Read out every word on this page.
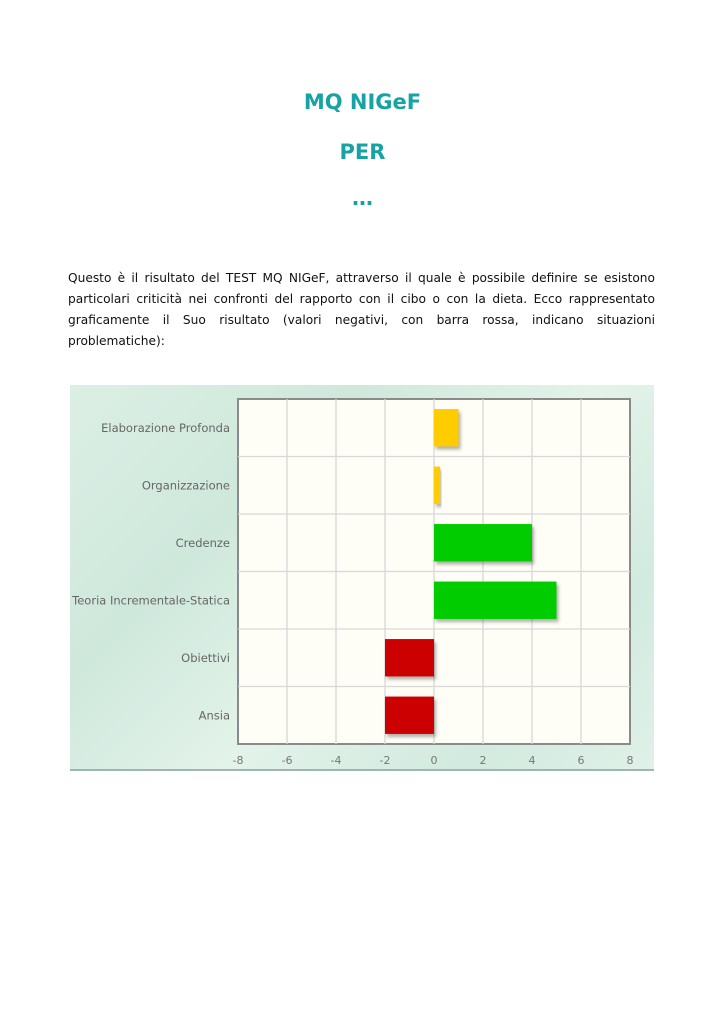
MQ NIGeF
PER
…
Questo è il risultato del TEST MQ NIGeF, attraverso il quale è possibile definire se esistono particolari criticità nei confronti del rapporto con il cibo o con la dieta. Ecco rappresentato graficamente il Suo risultato (valori negativi, con barra rossa, indicano situazioni problematiche):
Elaborazione Profonda
Organizzazione
Credenze
Teoria Incrementale-Statica
Obiettivi
Ansia
-8	-6	-4	-2	0	2	4	6	8
